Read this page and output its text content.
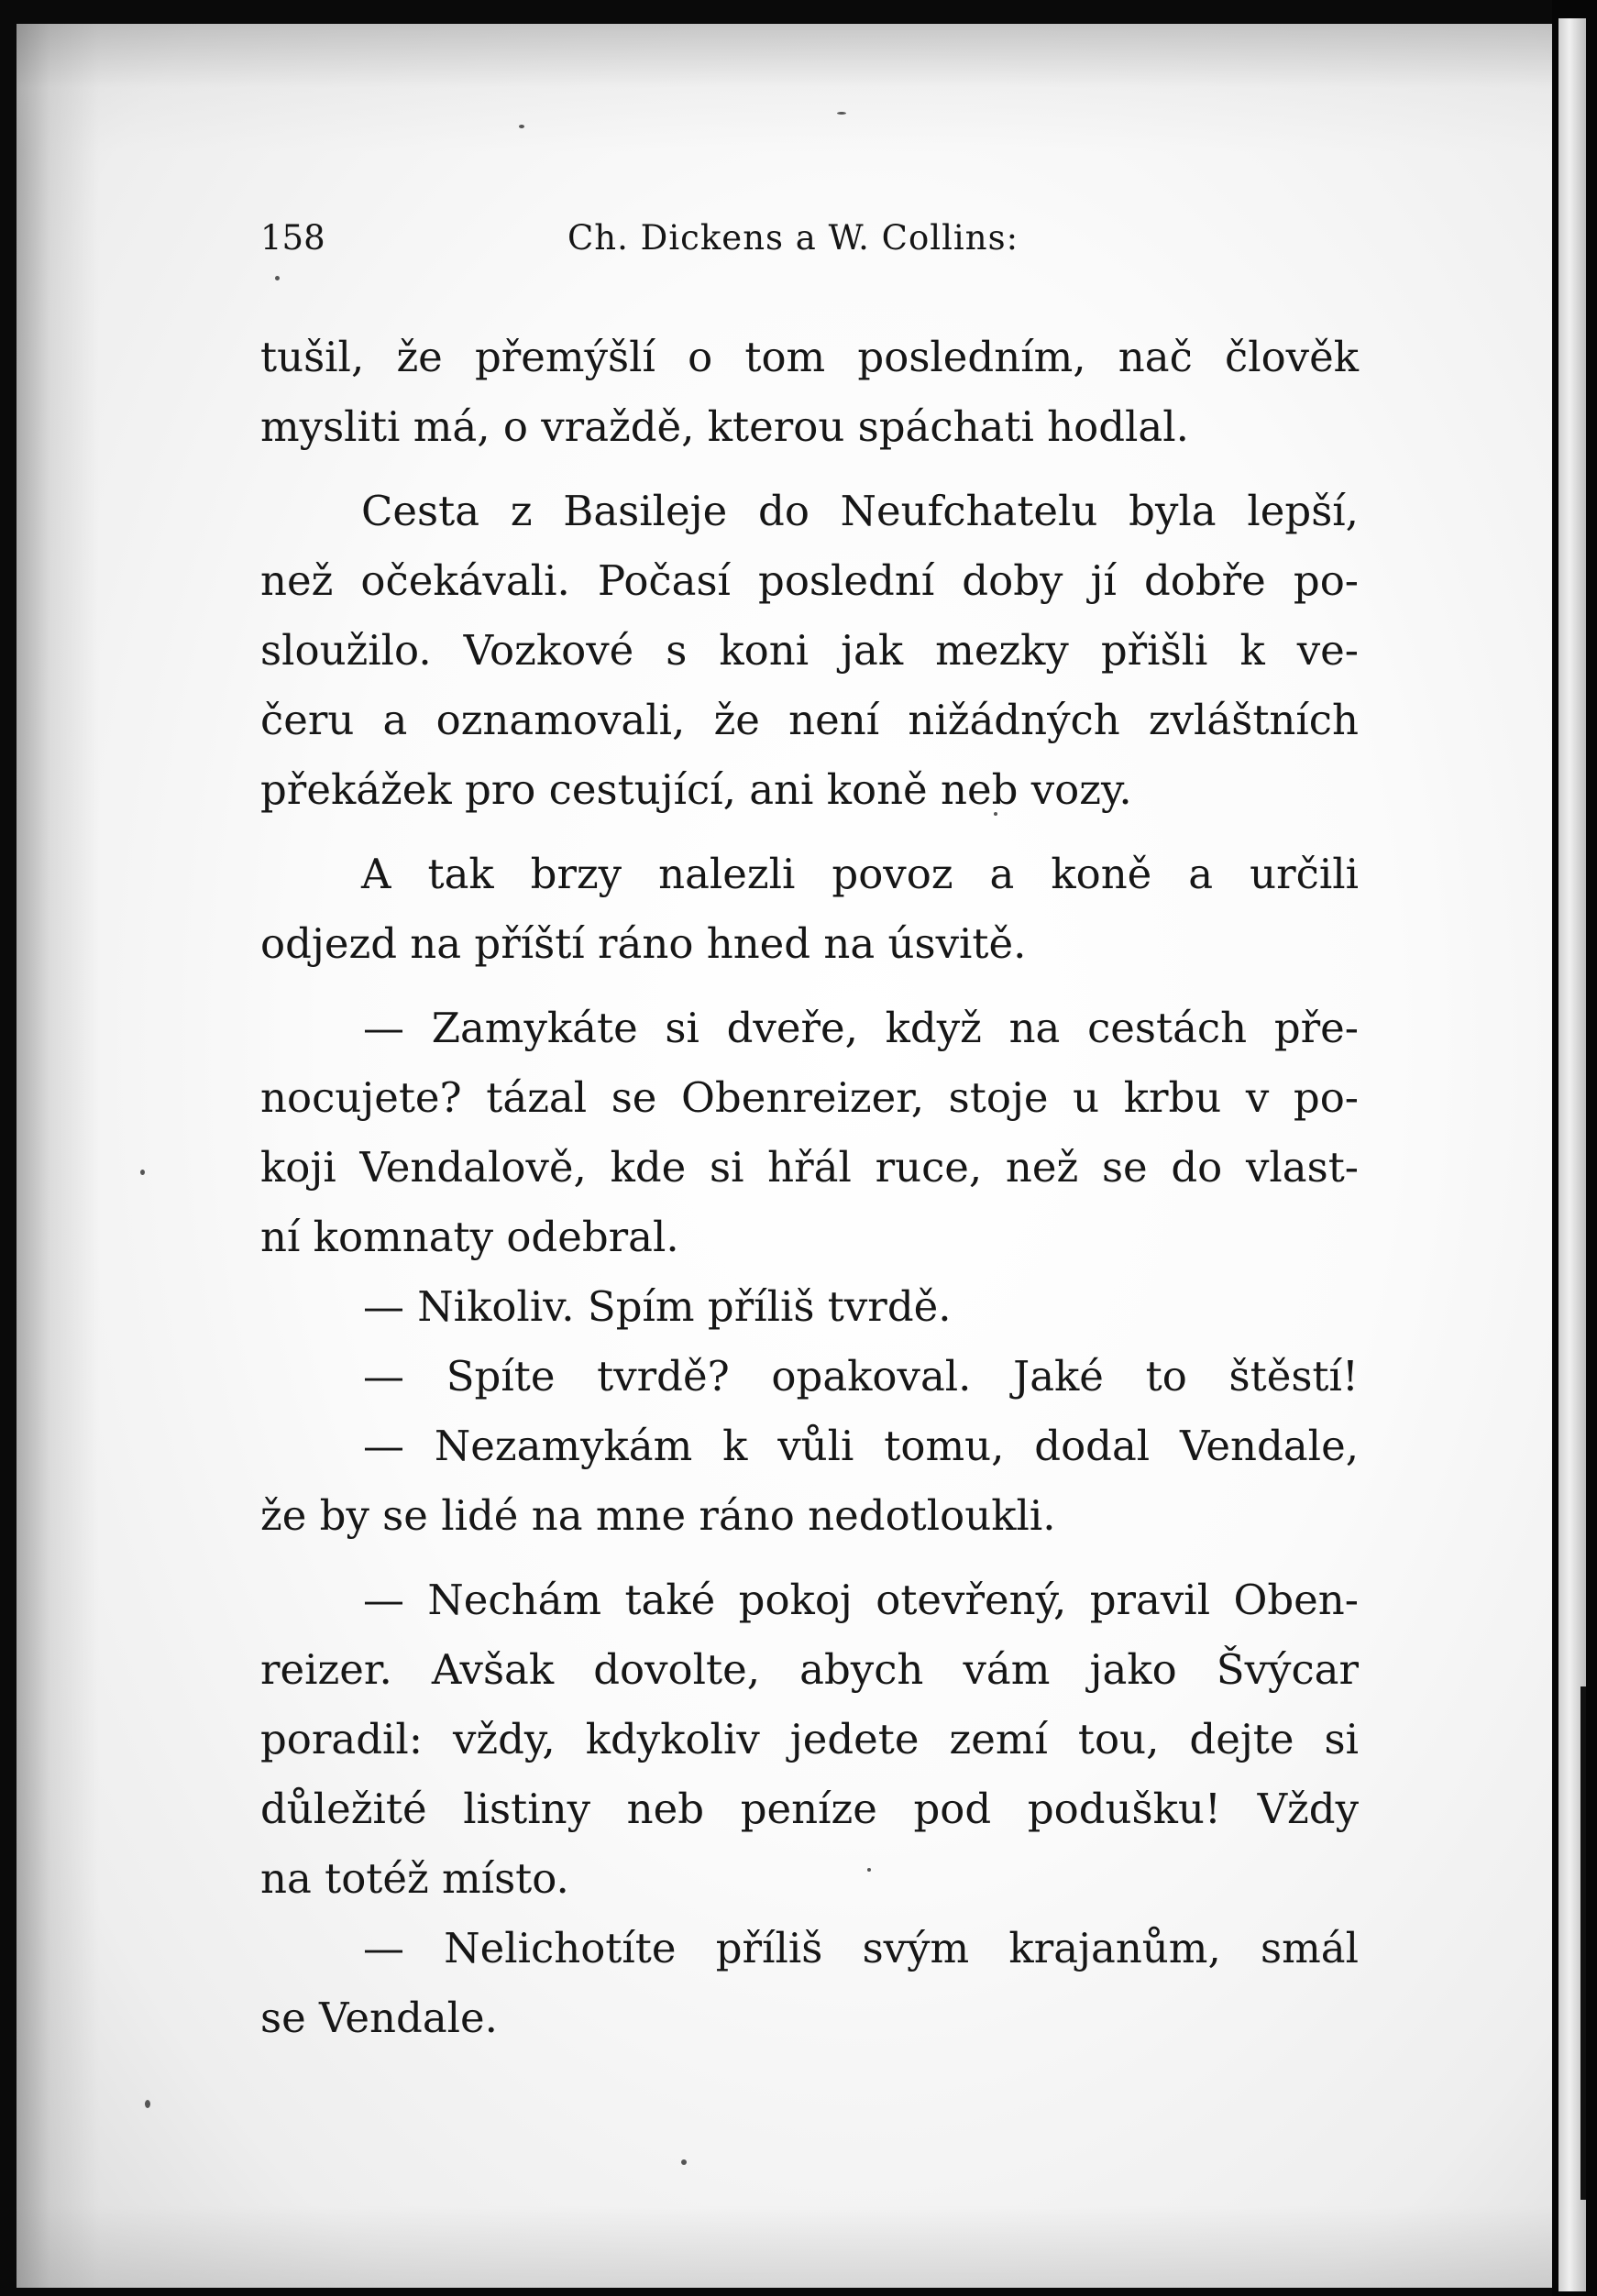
158	Ch. Dickens a W. Collins:
tušil, že přemýšlí o tom posledním, nač člověk
mysliti má, o vraždě, kterou spáchati hodlal.
Cesta z Basileje do Neufchatelu byla lepší,
než očekávali. Počasí poslední doby jí dobře po-
sloužilo. Vozkové s koni jak mezky přišli k ve-
čeru a oznamovali, že není nižádných zvláštních
překážek pro cestující, ani koně neb vozy.
A tak brzy nalezli povoz a koně a určili
odjezd na příští ráno hned na úsvitě.
— Zamykáte si dveře, když na cestách pře-
nocujete? tázal se Obenreizer, stoje u krbu v po-
koji Vendalově, kde si hřál ruce, než se do vlast-
ní komnaty odebral.
— Nikoliv. Spím příliš tvrdě.
— Spíte tvrdě? opakoval. Jaké to štěstí!
— Nezamykám k vůli tomu, dodal Vendale,
že by se lidé na mne ráno nedotloukli.
— Nechám také pokoj otevřený, pravil Oben-
reizer. Avšak dovolte, abych vám jako Švýcar
poradil: vždy, kdykoliv jedete zemí tou, dejte si
důležité listiny neb peníze pod podušku! Vždy
na totéž místo.
— Nelichotíte příliš svým krajanům, smál
se Vendale.
